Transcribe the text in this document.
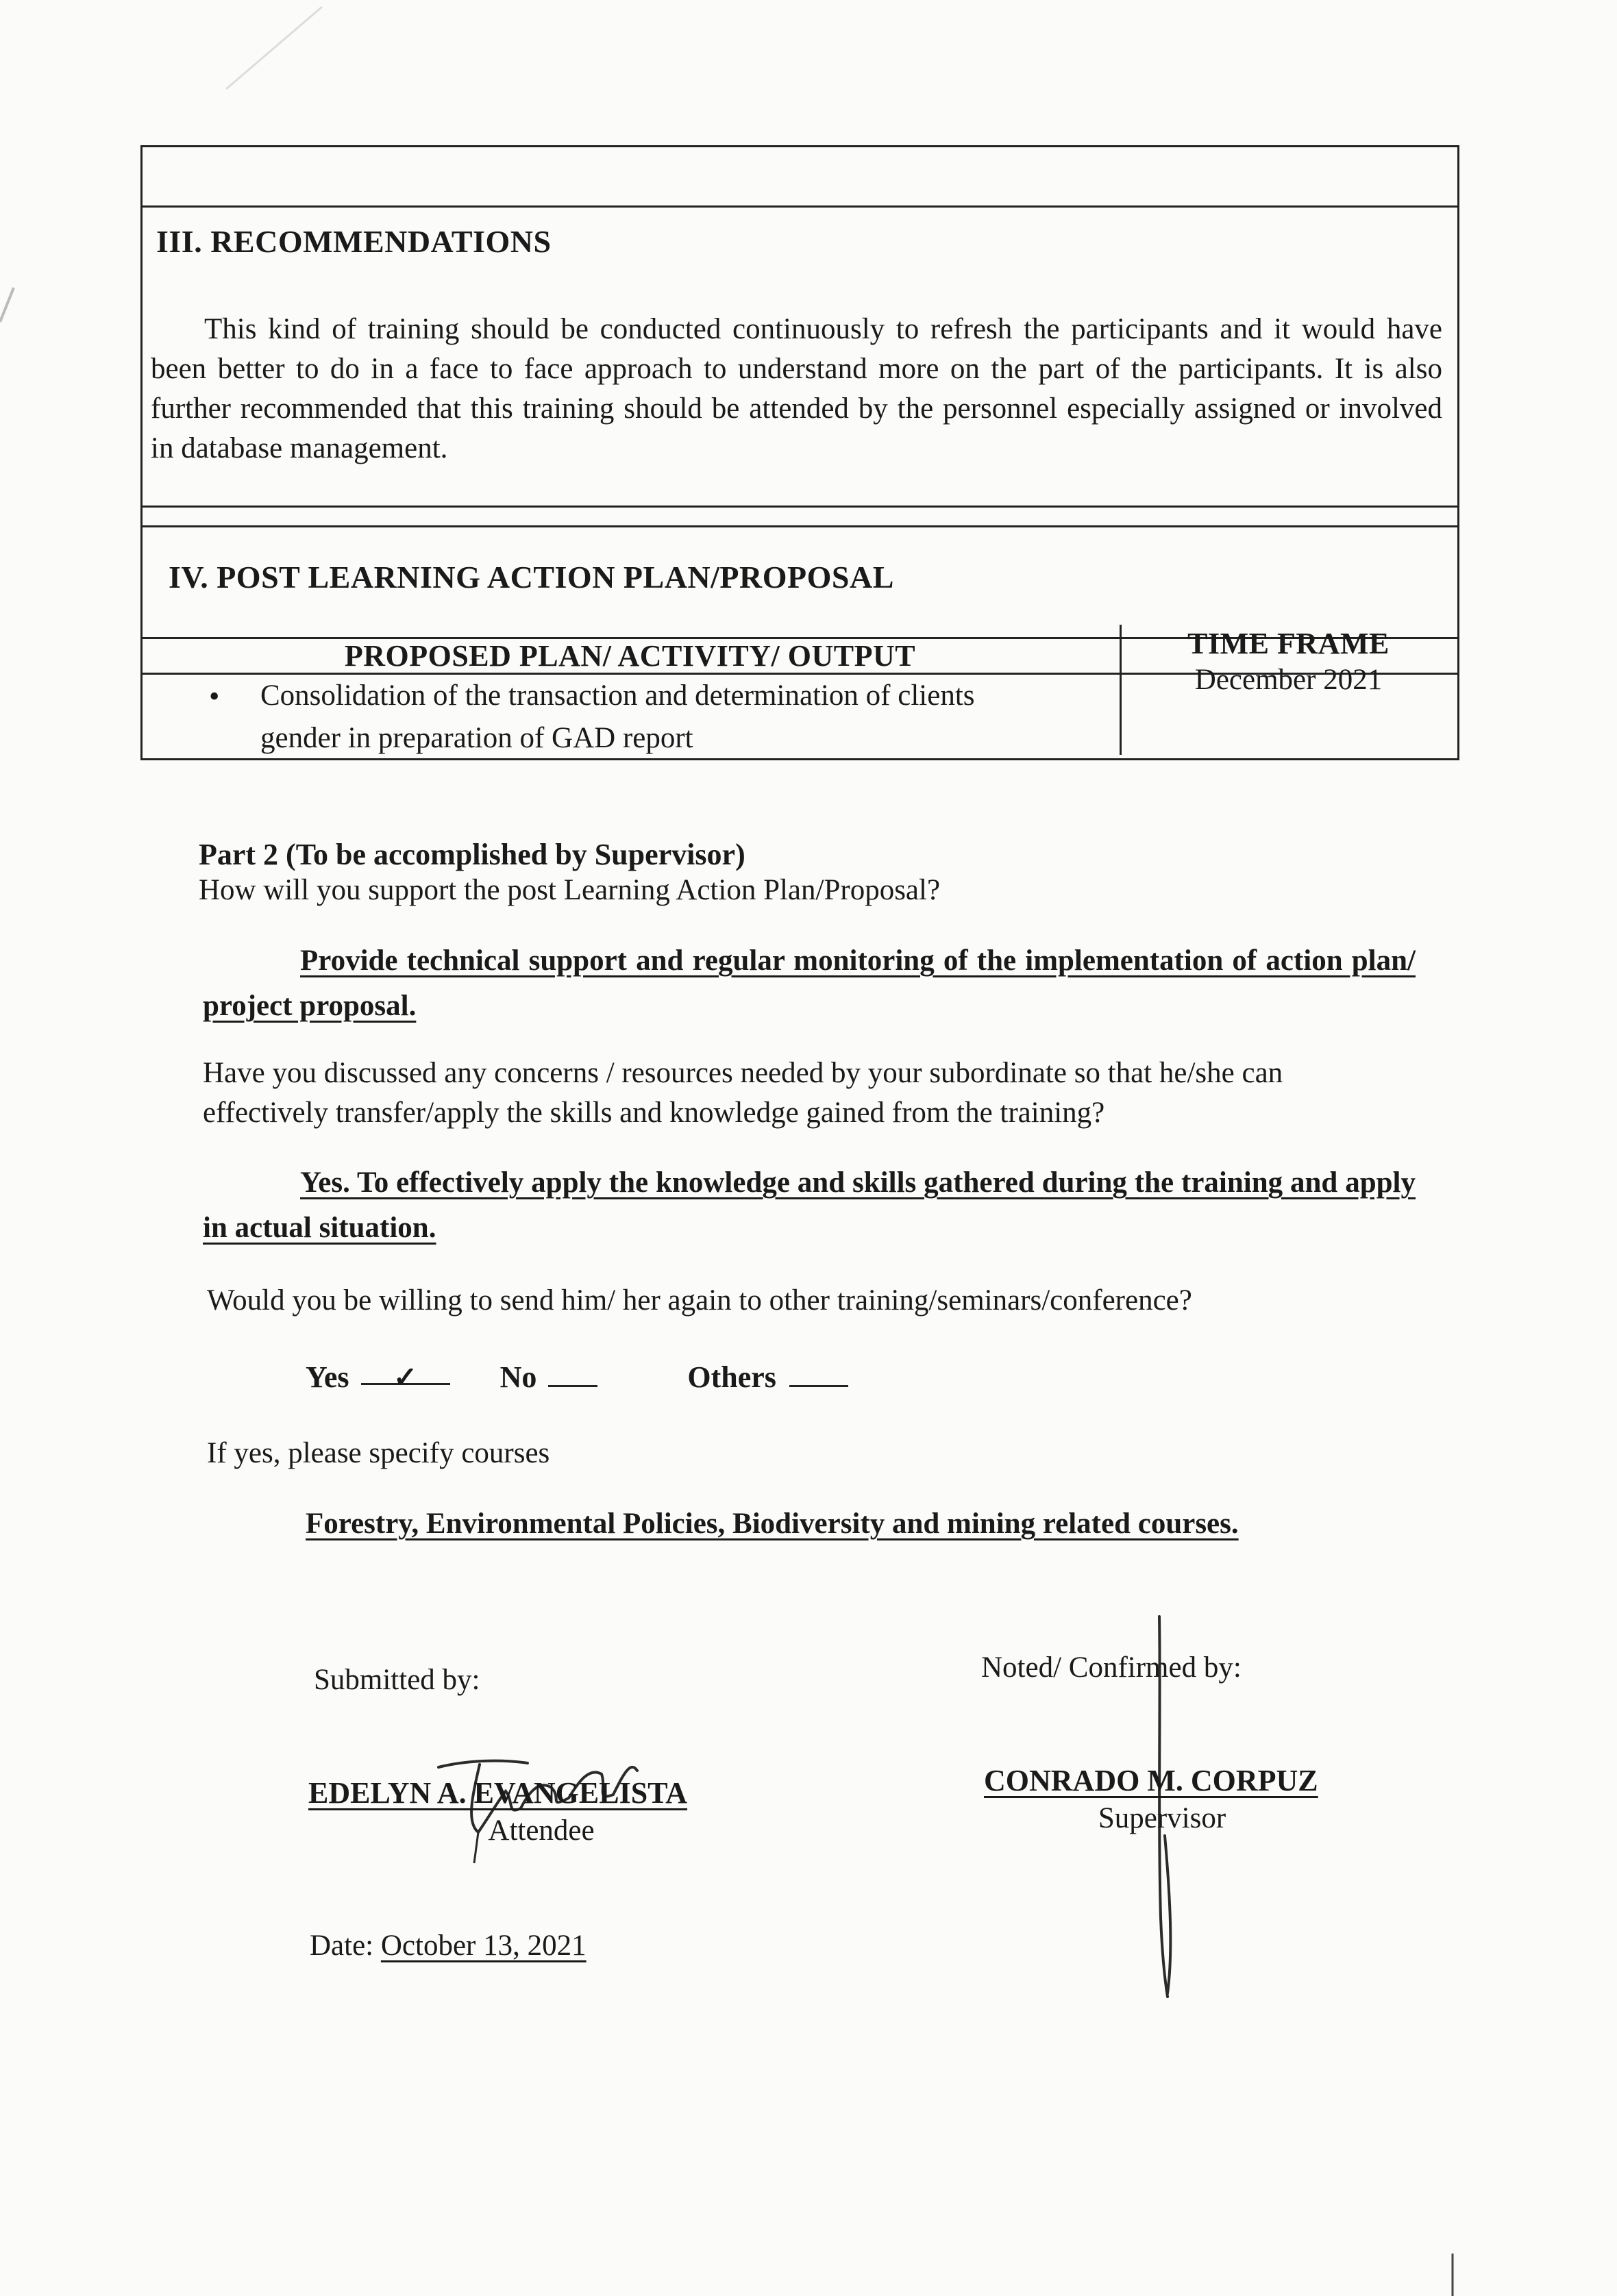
III. RECOMMENDATIONS
This kind of training should be conducted continuously to refresh the participants and it would have been better to do in a face to face approach to understand more on the part of the participants. It is also further recommended that this training should be attended by the personnel especially assigned or involved in database management.
IV. POST LEARNING ACTION PLAN/PROPOSAL
PROPOSED PLAN/ ACTIVITY/ OUTPUT	TIME FRAME
• Consolidation of the transaction and determination of clients gender in preparation of GAD report
December 2021
Part 2 (To be accomplished by Supervisor)
How will you support the post Learning Action Plan/Proposal?
Provide technical support and regular monitoring of the implementation of action plan/ project proposal.
Have you discussed any concerns / resources needed by your subordinate so that he/she can effectively transfer/apply the skills and knowledge gained from the training?
Yes. To effectively apply the knowledge and skills gathered during the training and apply in actual situation.
Would you be willing to send him/ her again to other training/seminars/conference?
Yes ✓	No	Others
If yes, please specify courses
Forestry, Environmental Policies, Biodiversity and mining related courses.
Submitted by:
EDELYN A. EVANGELISTA
Attendee
Noted/ Confirmed by:
CONRADO M. CORPUZ
Supervisor
Date: October 13, 2021
